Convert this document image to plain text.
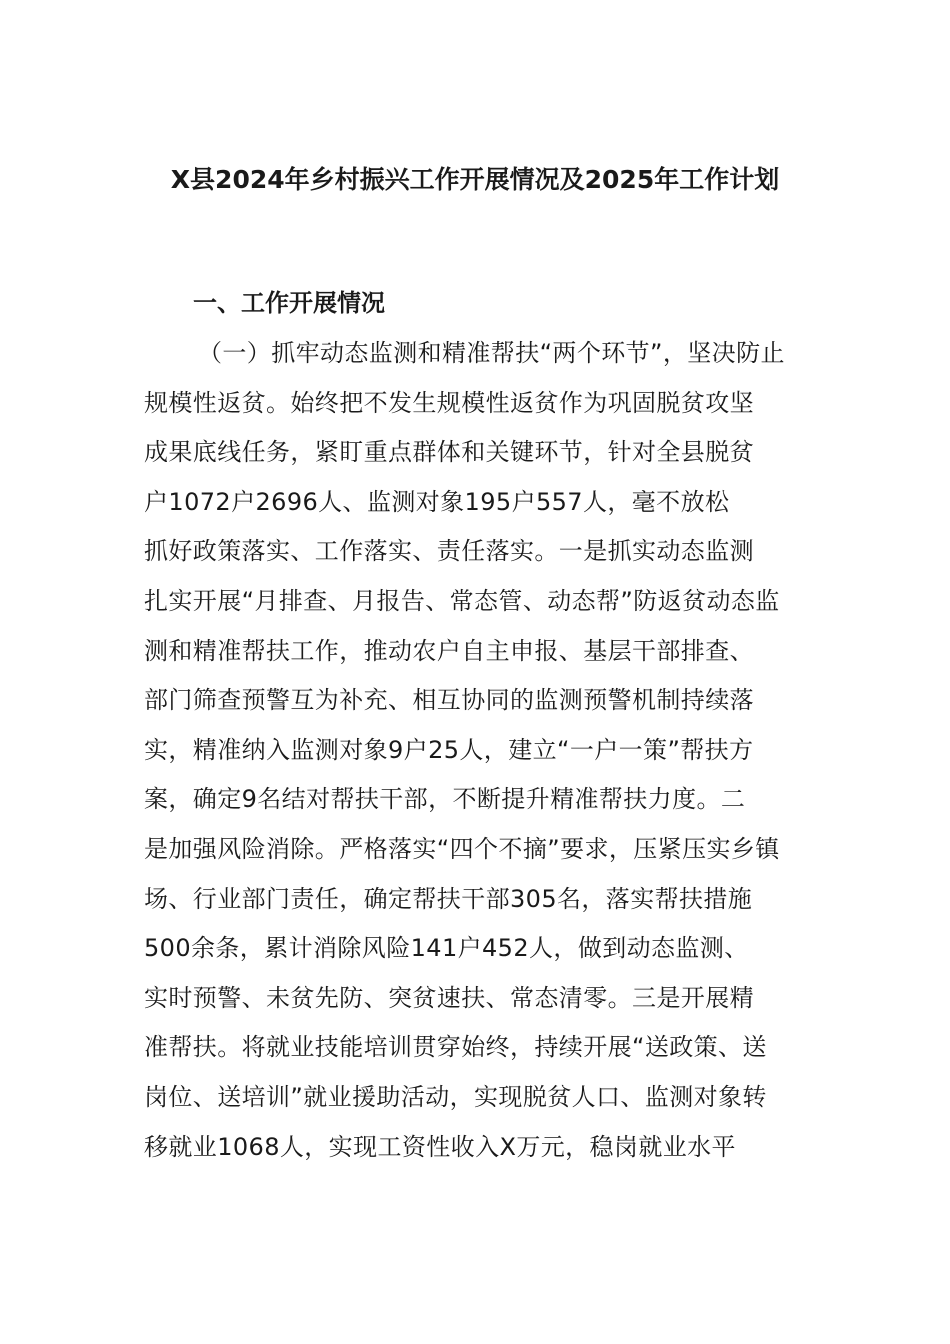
X县2024年乡村振兴工作开展情况及2025年工作计划
一、工作开展情况
（一）抓牢动态监测和精准帮扶“两个环节”，坚决防止
规模性返贫。始终把不发生规模性返贫作为巩固脱贫攻坚
成果底线任务，紧盯重点群体和关键环节，针对全县脱贫
户1072户2696人、监测对象195户557人，毫不放松
抓好政策落实、工作落实、责任落实。一是抓实动态监测
扎实开展“月排查、月报告、常态管、动态帮”防返贫动态监
测和精准帮扶工作，推动农户自主申报、基层干部排查、
部门筛查预警互为补充、相互协同的监测预警机制持续落
实，精准纳入监测对象9户25人，建立“一户一策”帮扶方
案，确定9名结对帮扶干部，不断提升精准帮扶力度。二
是加强风险消除。严格落实“四个不摘”要求，压紧压实乡镇
场、行业部门责任，确定帮扶干部305名，落实帮扶措施
500余条，累计消除风险141户452人，做到动态监测、
实时预警、未贫先防、突贫速扶、常态清零。三是开展精
准帮扶。将就业技能培训贯穿始终，持续开展“送政策、送
岗位、送培训”就业援助活动，实现脱贫人口、监测对象转
移就业1068人，实现工资性收入X万元，稳岗就业水平
